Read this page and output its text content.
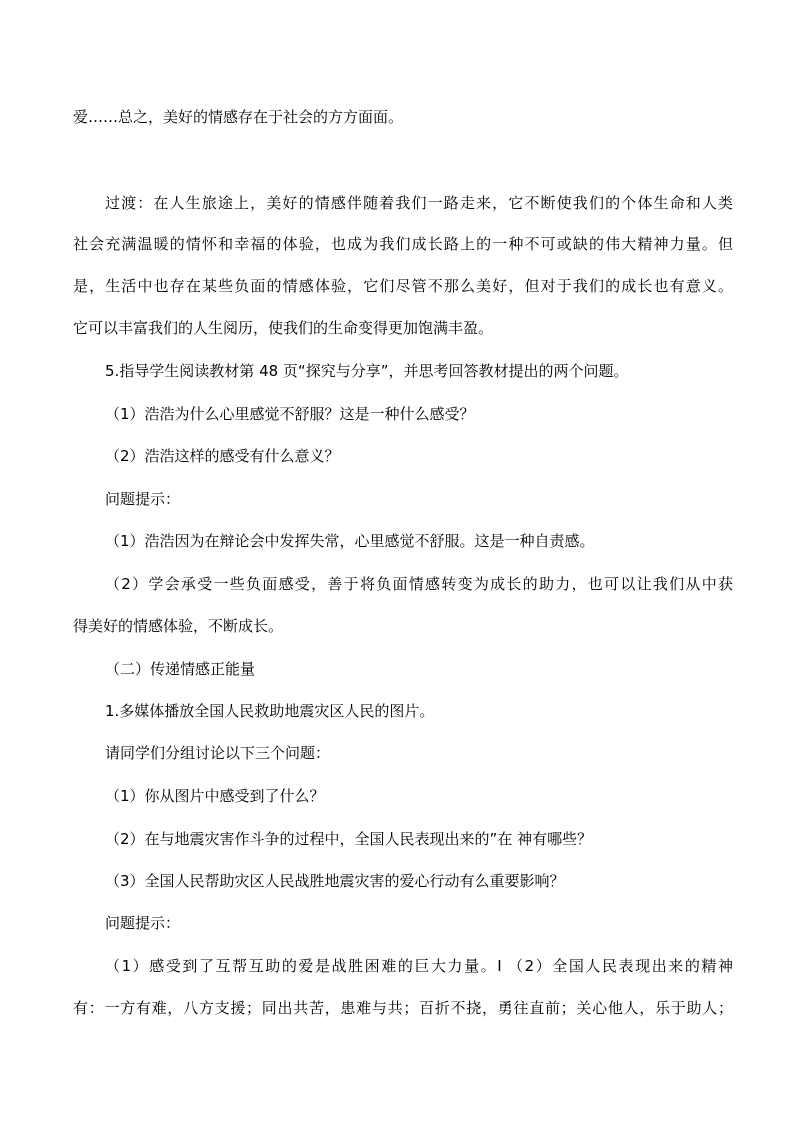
爱……总之，美好的情感存在于社会的方方面面。
过渡：在人生旅途上，美好的情感伴随着我们一路走来，它不断使我们的个体生命和人类
社会充满温暖的情怀和幸福的体验，也成为我们成长路上的一种不可或缺的伟大精神力量。但
是，生活中也存在某些负面的情感体验，它们尽管不那么美好，但对于我们的成长也有意义。
它可以丰富我们的人生阅历，使我们的生命变得更加饱满丰盈。
5.指导学生阅读教材第 48 页“探究与分享”，并思考回答教材提出的两个问题。
（1）浩浩为什么心里感觉不舒服？这是一种什么感受？
（2）浩浩这样的感受有什么意义？
问题提示：
（1）浩浩因为在辩论会中发挥失常，心里感觉不舒服。这是一种自责感。
（2）学会承受一些负面感受，善于将负面情感转变为成长的助力，也可以让我们从中获
得美好的情感体验，不断成长。
（二）传递情感正能量
1.多媒体播放全国人民救助地震灾区人民的图片。
请同学们分组讨论以下三个问题：
（1）你从图片中感受到了什么？
（2）在与地震灾害作斗争的过程中，全国人民表现出来的”在 神有哪些？
（3）全国人民帮助灾区人民战胜地震灾害的爱心行动有么重要影响？
问题提示：
（1）感受到了互帮互助的爱是战胜困难的巨大力量。I （2）全国人民表现出来的精神
有：一方有难，八方支援；同出共苦，患难与共；百折不挠，勇往直前；关心他人，乐于助人；
